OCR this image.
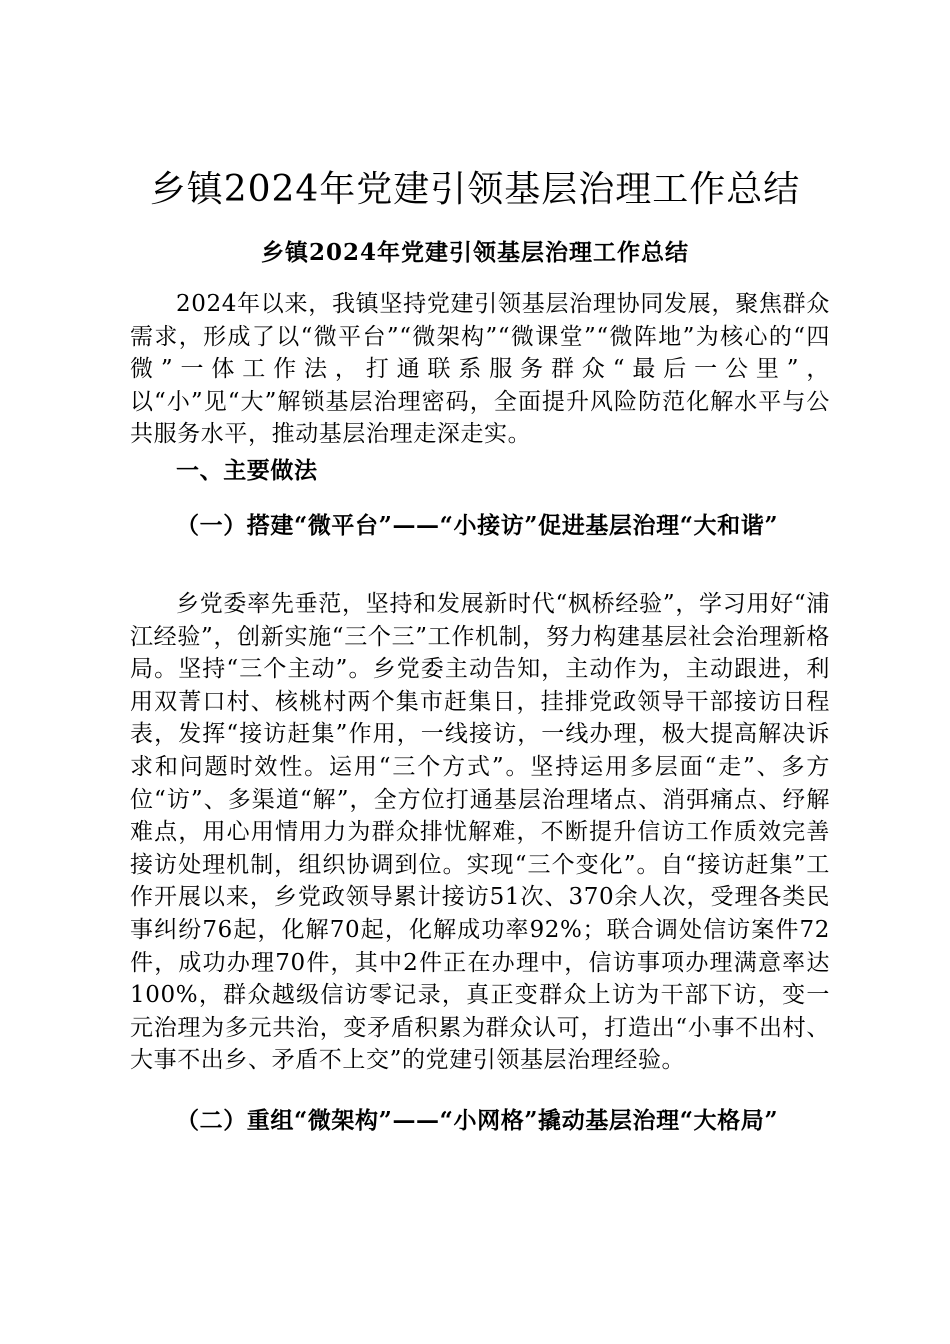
乡镇2024年党建引领基层治理工作总结
乡镇2024年党建引领基层治理工作总结

2024年以来，我镇坚持党建引领基层治理协同发展，聚焦群众需求，形成了以“微平台”“微架构”“微课堂”“微阵地”为核心的“四微”一体工作法，打通联系服务群众“最后一公里”，以“小”见“大”解锁基层治理密码，全面提升风险防范化解水平与公共服务水平，推动基层治理走深走实。

一、主要做法
（一）搭建“微平台”——“小接访”促进基层治理“大和谐”

乡党委率先垂范，坚持和发展新时代“枫桥经验”，学习用好“浦江经验”，创新实施“三个三”工作机制，努力构建基层社会治理新格局。坚持“三个主动”。乡党委主动告知，主动作为，主动跟进，利用双菁口村、核桃村两个集市赶集日，挂排党政领导干部接访日程表，发挥“接访赶集”作用，一线接访，一线办理，极大提高解决诉求和问题时效性。运用“三个方式”。坚持运用多层面“走”、多方位“访”、多渠道“解”，全方位打通基层治理堵点、消弭痛点、纾解难点，用心用情用力为群众排忧解难，不断提升信访工作质效完善接访处理机制，组织协调到位。实现“三个变化”。自“接访赶集”工作开展以来，乡党政领导累计接访51次、370余人次，受理各类民事纠纷76起，化解70起，化解成功率92%；联合调处信访案件72件，成功办理70件，其中2件正在办理中，信访事项办理满意率达100%，群众越级信访零记录，真正变群众上访为干部下访，变一元治理为多元共治，变矛盾积累为群众认可，打造出“小事不出村、大事不出乡、矛盾不上交”的党建引领基层治理经验。

（二）重组“微架构”——“小网格”撬动基层治理“大格局”
